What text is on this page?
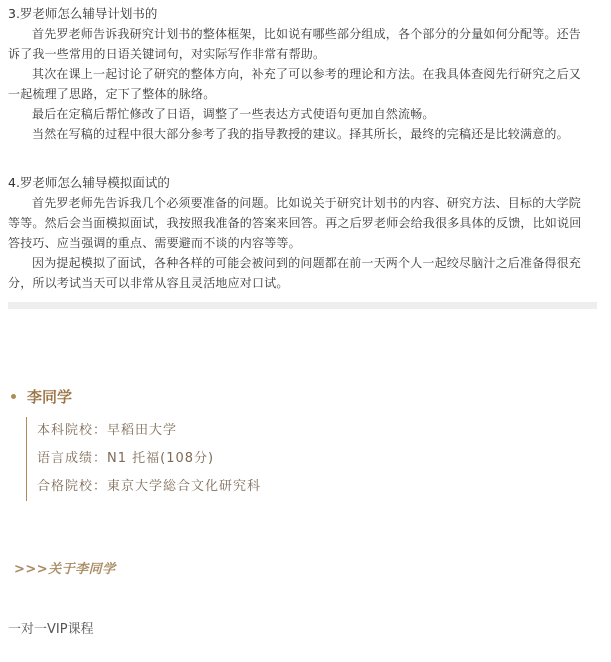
3.罗老师怎么辅导计划书的

首先罗老师告诉我研究计划书的整体框架，比如说有哪些部分组成，各个部分的分量如何分配等。还告诉了我一些常用的日语关键词句，对实际写作非常有帮助。

其次在课上一起讨论了研究的整体方向，补充了可以参考的理论和方法。在我具体查阅先行研究之后又一起梳理了思路，定下了整体的脉络。

最后在定稿后帮忙修改了日语，调整了一些表达方式使语句更加自然流畅。

当然在写稿的过程中很大部分参考了我的指导教授的建议。择其所长，最终的完稿还是比较满意的。

4.罗老师怎么辅导模拟面试的

首先罗老师先告诉我几个必须要准备的问题。比如说关于研究计划书的内容、研究方法、目标的大学院等等。然后会当面模拟面试，我按照我准备的答案来回答。再之后罗老师会给我很多具体的反馈，比如说回答技巧、应当强调的重点、需要避而不谈的内容等等。

因为提起模拟了面试，各种各样的可能会被问到的问题都在前一天两个人一起绞尽脑汁之后准备得很充分，所以考试当天可以非常从容且灵活地应对口试。

李同学
本科院校：早稻田大学
语言成绩：N1 托福(108分)
合格院校：東京大学総合文化研究科
>>>关于李同学
一对一VIP课程
